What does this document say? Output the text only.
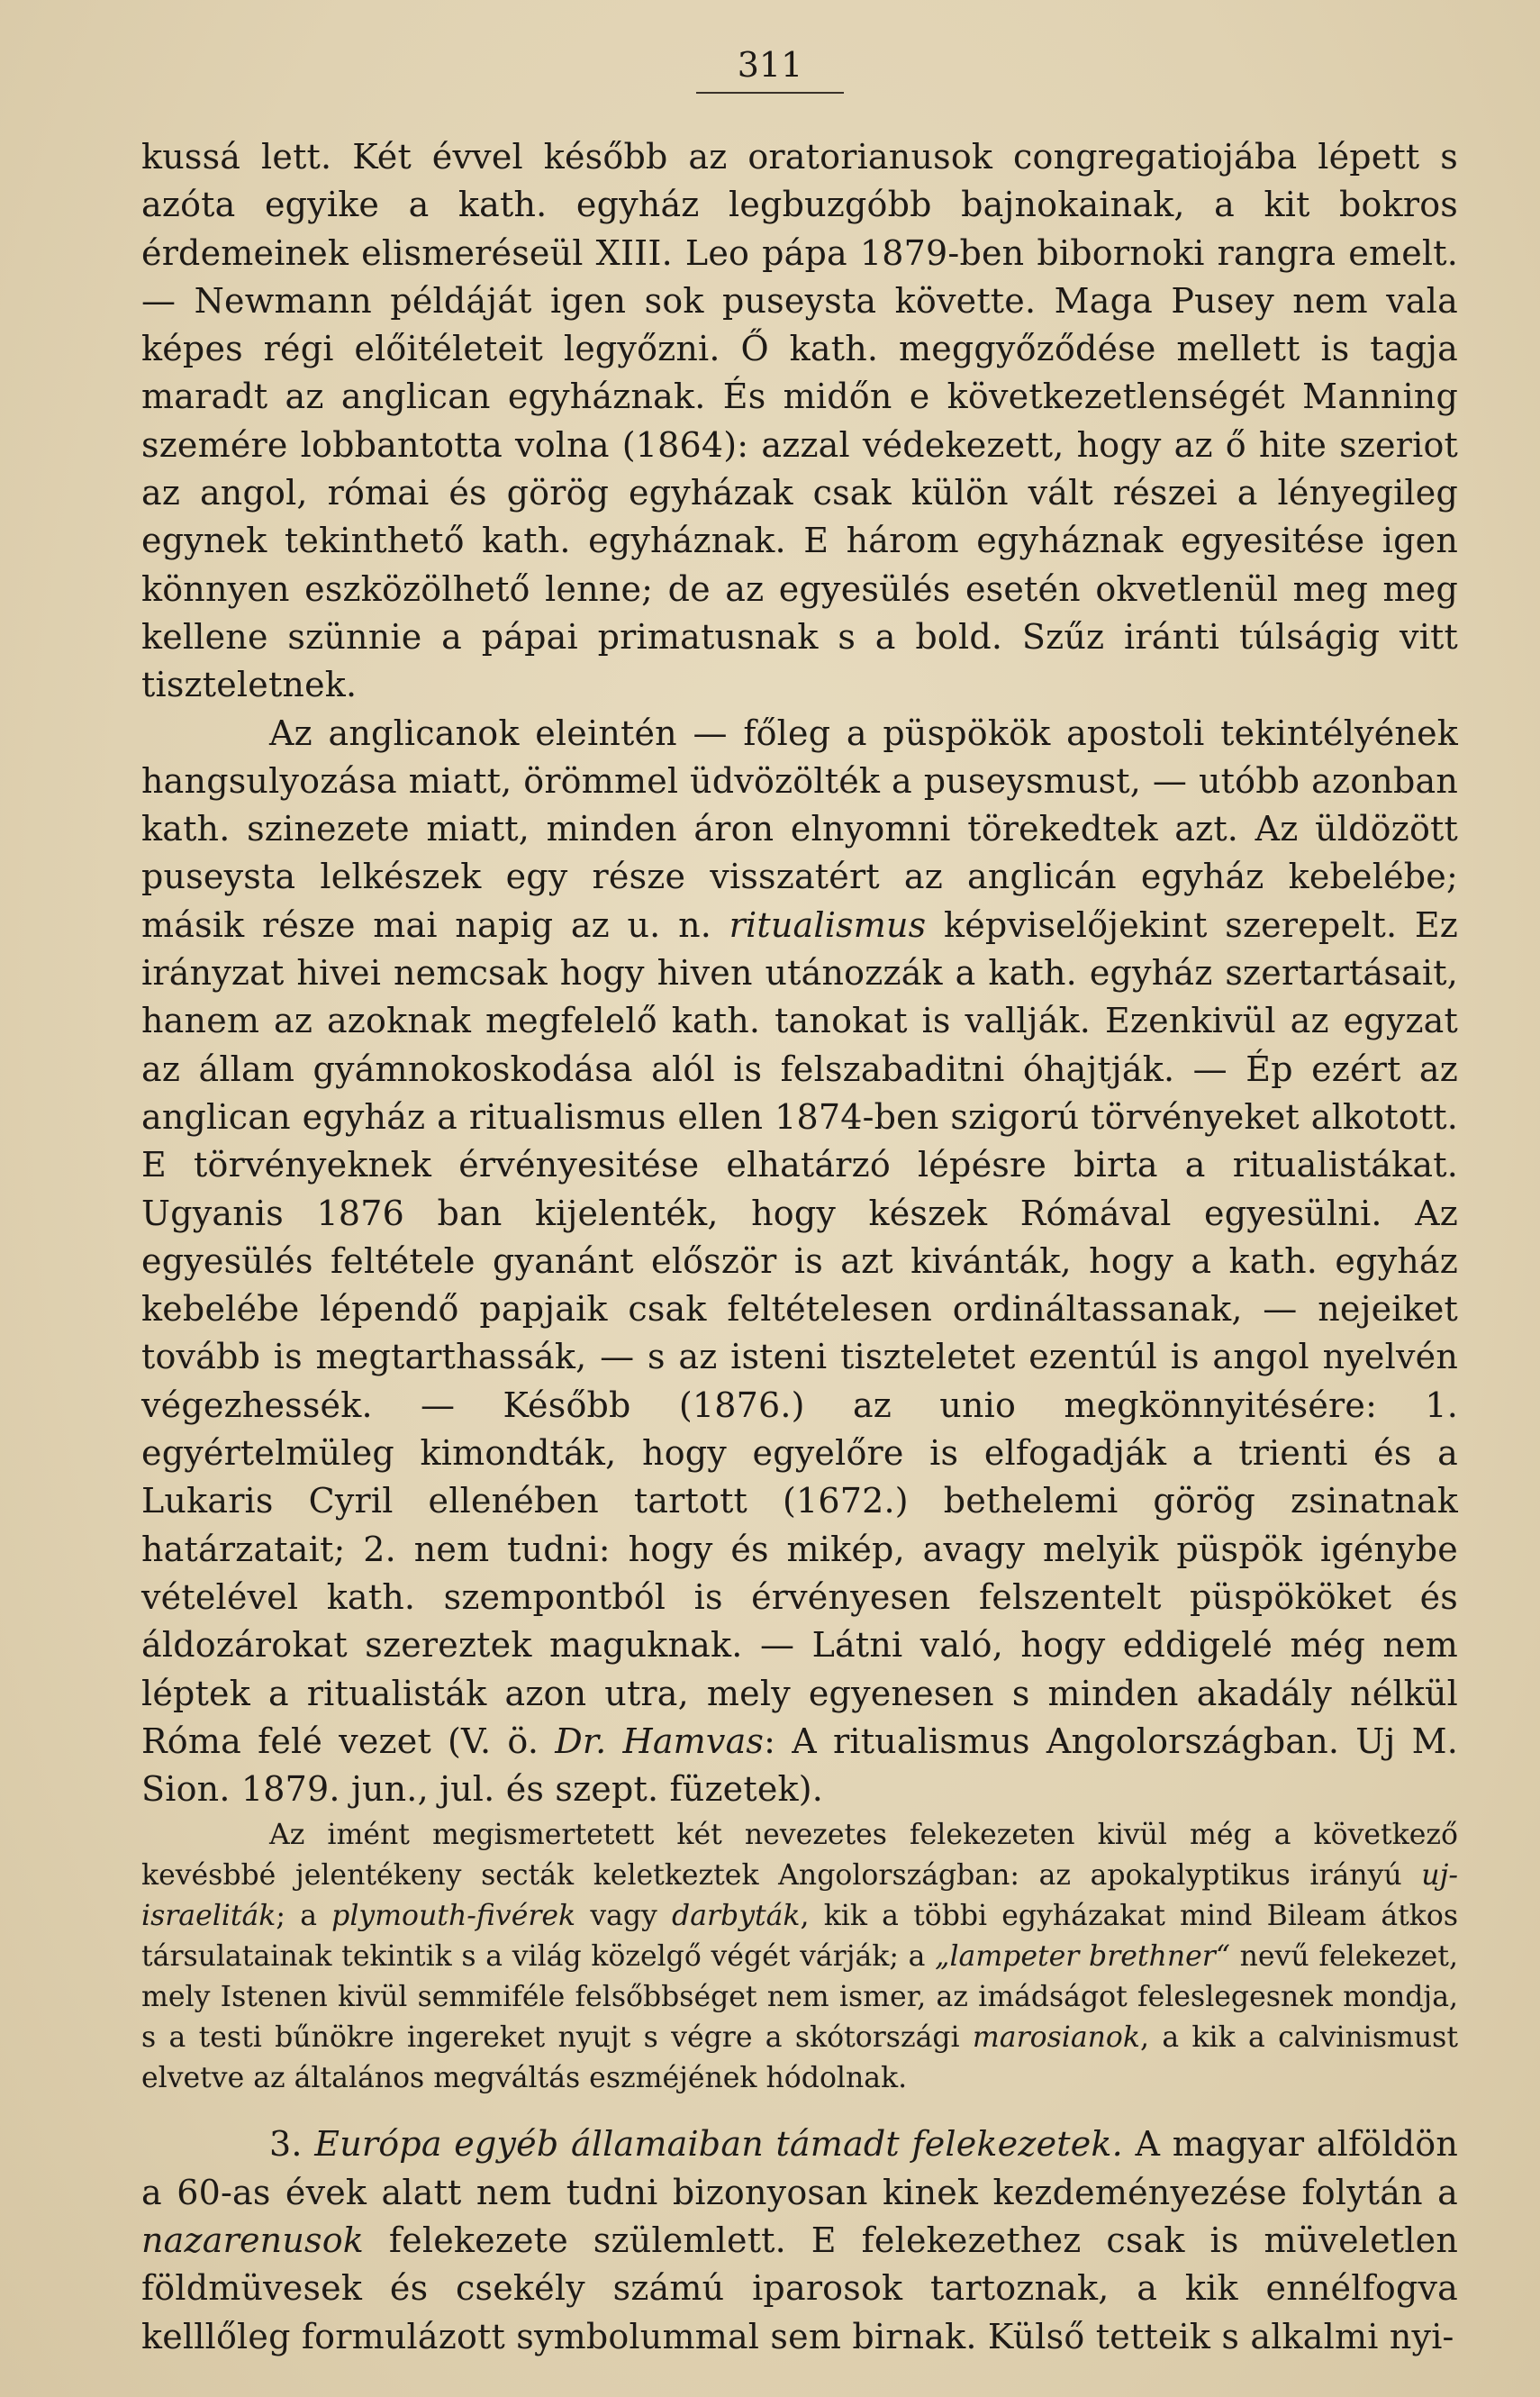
311

kussá lett. Két évvel később az oratorianusok congregatiojába lépett s azóta egyike a kath. egyház legbuzgóbb bajnokainak, a kit bokros érdemeinek elismeréseül XIII. Leo pápa 1879-ben bibornoki rangra emelt. — Newmann példáját igen sok puseysta követte. Maga Pusey nem vala képes régi előitéleteit legyőzni. Ő kath. meggyőződése mellett is tagja maradt az anglican egyháznak. És midőn e következetlenségét Manning szemére lobbantotta volna (1864): azzal védekezett, hogy az ő hite szeriot az angol, római és görög egyházak csak külön vált részei a lényegileg egynek tekinthető kath. egyháznak. E három egyháznak egyesitése igen könnyen eszközölhető lenne; de az egyesülés esetén okvetlenül meg meg kellene szünnie a pápai primatusnak s a bold. Szűz iránti túlságig vitt tiszteletnek.

Az anglicanok eleintén — főleg a püspökök apostoli tekintélyének hangsulyozása miatt, örömmel üdvözölték a puseysmust, — utóbb azonban kath. szinezete miatt, minden áron elnyomni törekedtek azt. Az üldözött puseysta lelkészek egy része visszatért az anglicán egyház kebelébe; másik része mai napig az u. n. ritualismus képviselőjekint szerepelt. Ez irányzat hivei nemcsak hogy hiven utánozzák a kath. egyház szertartásait, hanem az azoknak megfelelő kath. tanokat is vallják. Ezenkivül az egyzat az állam gyámnokoskodása alól is felszabaditni óhajtják. — Ép ezért az anglican egyház a ritualismus ellen 1874-ben szigorú törvényeket alkotott. E törvényeknek érvényesitése elhatárzó lépésre birta a ritualistákat. Ugyanis 1876 ban kijelenték, hogy készek Rómával egyesülni. Az egyesülés feltétele gyanánt először is azt kivánták, hogy a kath. egyház kebelébe lépendő papjaik csak feltételesen ordináltassanak, — nejeiket tovább is megtarthassák, — s az isteni tiszteletet ezentúl is angol nyelvén végezhessék. — Később (1876.) az unio megkönnyitésére: 1. egyértelmüleg kimondták, hogy egyelőre is elfogadják a trienti és a Lukaris Cyril ellenében tartott (1672.) bethelemi görög zsinatnak határzatait; 2. nem tudni: hogy és mikép, avagy melyik püspök igénybe vételével kath. szempontból is érvényesen felszentelt püspököket és áldozárokat szereztek maguknak. — Látni való, hogy eddigelé még nem léptek a ritualisták azon utra, mely egyenesen s minden akadály nélkül Róma felé vezet (V. ö. Dr. Hamvas: A ritualismus Angolországban. Uj M. Sion. 1879. jun., jul. és szept. füzetek).

Az imént megismertetett két nevezetes felekezeten kivül még a következő kevésbbé jelentékeny secták keletkeztek Angolországban: az apokalyptikus irányú uj-israeliták; a plymouth-fivérek vagy darbyták, kik a többi egyházakat mind Bileam átkos társulatainak tekintik s a világ közelgő végét várják; a „lampeter brethner“ nevű felekezet, mely Istenen kivül semmiféle felsőbbséget nem ismer, az imádságot feleslegesnek mondja, s a testi bűnökre ingereket nyujt s végre a skótországi marosianok, a kik a calvinismust elvetve az általános megváltás eszméjének hódolnak.

3. Európa egyéb államaiban támadt felekezetek. A magyar alföldön a 60-as évek alatt nem tudni bizonyosan kinek kezdeményezése folytán a nazarenusok felekezete szülemlett. E felekezethez csak is müveletlen földmüvesek és csekély számú iparosok tartoznak, a kik ennélfogva kelllőleg formulázott symbolummal sem birnak. Külső tetteik s alkalmi nyi-
